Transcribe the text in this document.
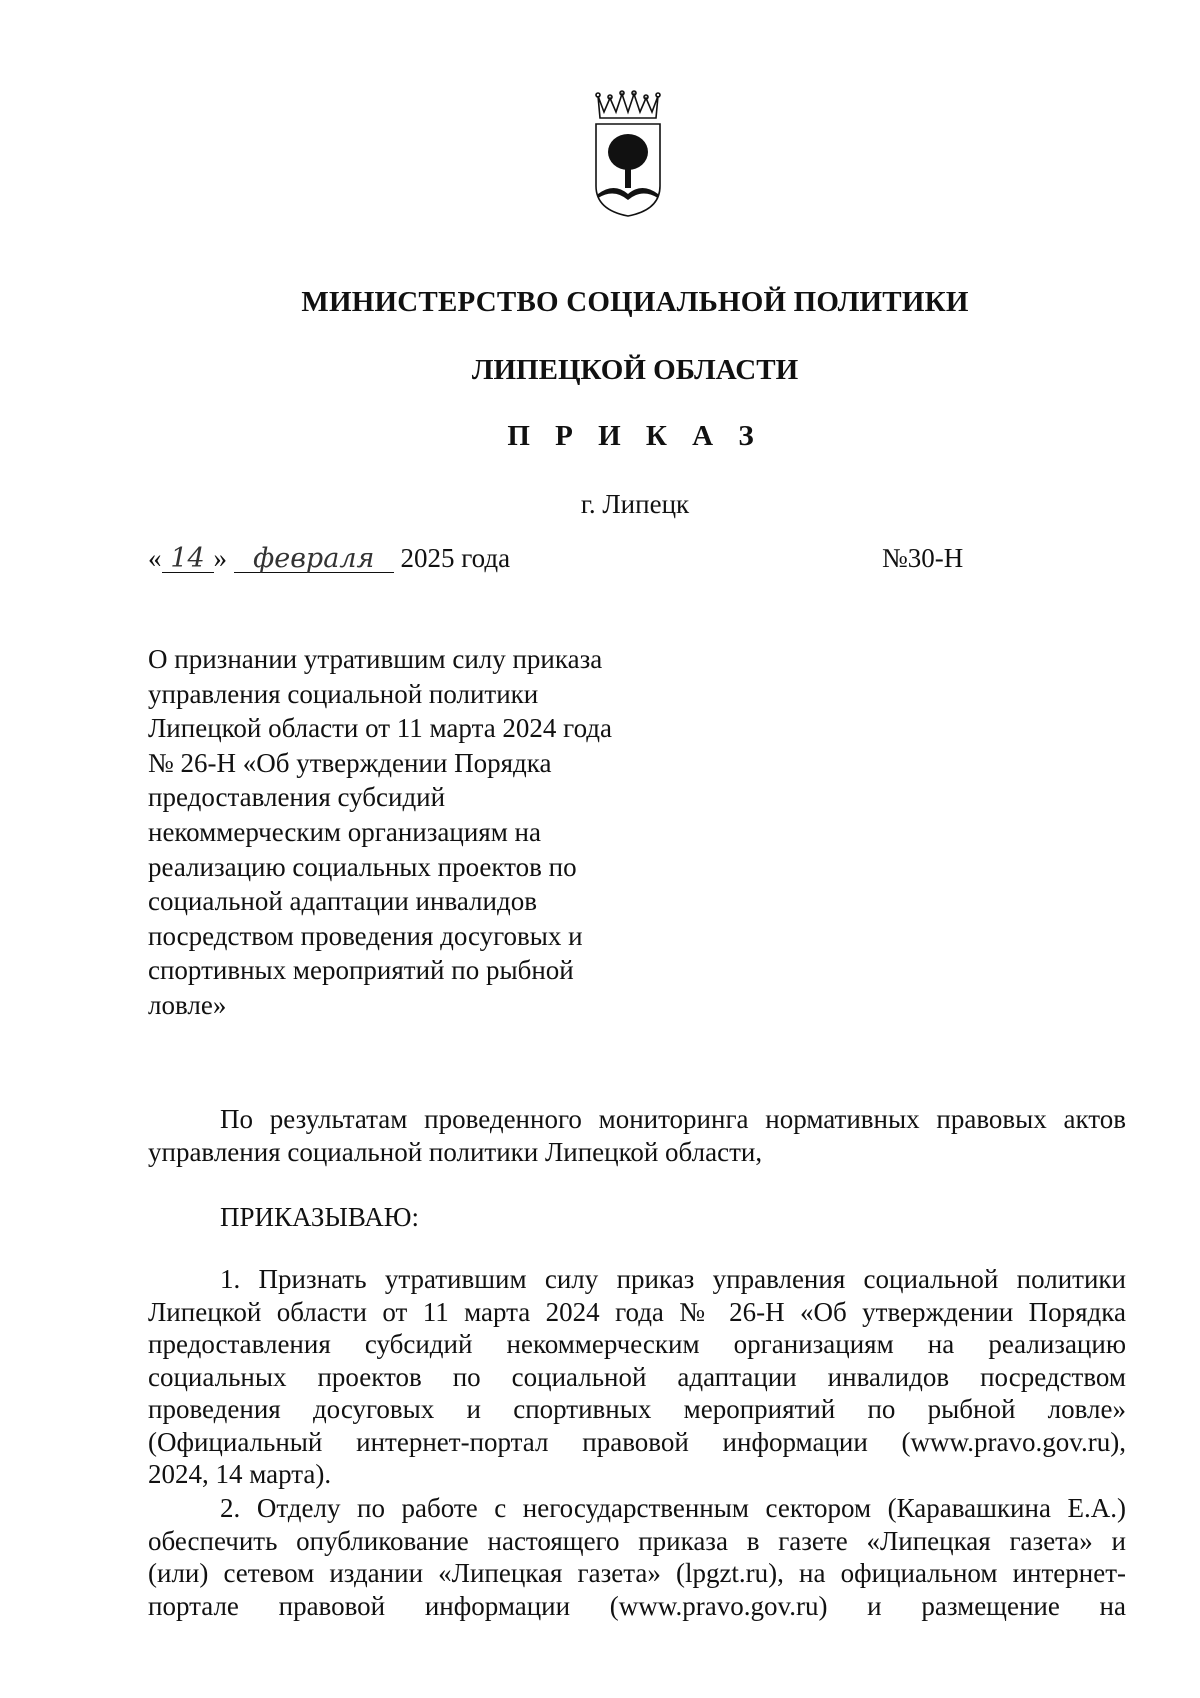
МИНИСТЕРСТВО СОЦИАЛЬНОЙ ПОЛИТИКИ
ЛИПЕЦКОЙ ОБЛАСТИ
П Р И К А З
г. Липецк
« 14 » февраля 2025 года	№30-Н
О признании утратившим силу приказа
управления социальной политики
Липецкой области от 11 марта 2024 года
№ 26-Н «Об утверждении Порядка
предоставления субсидий
некоммерческим организациям на
реализацию социальных проектов по
социальной адаптации инвалидов
посредством проведения досуговых и
спортивных мероприятий по рыбной
ловле»
По результатам проведенного мониторинга нормативных правовых актов
управления социальной политики Липецкой области,
ПРИКАЗЫВАЮ:
1. Признать утратившим силу приказ управления социальной политики
Липецкой области от 11 марта 2024 года № 26-Н «Об утверждении Порядка
предоставления субсидий некоммерческим организациям на реализацию
социальных проектов по социальной адаптации инвалидов посредством
проведения досуговых и спортивных мероприятий по рыбной ловле»
(Официальный интернет-портал правовой информации (www.pravo.gov.ru),
2024, 14 марта).
2. Отделу по работе с негосударственным сектором (Каравашкина Е.А.)
обеспечить опубликование настоящего приказа в газете «Липецкая газета» и
(или) сетевом издании «Липецкая газета» (lpgzt.ru), на официальном интернет-
портале правовой информации (www.pravo.gov.ru) и размещение на
